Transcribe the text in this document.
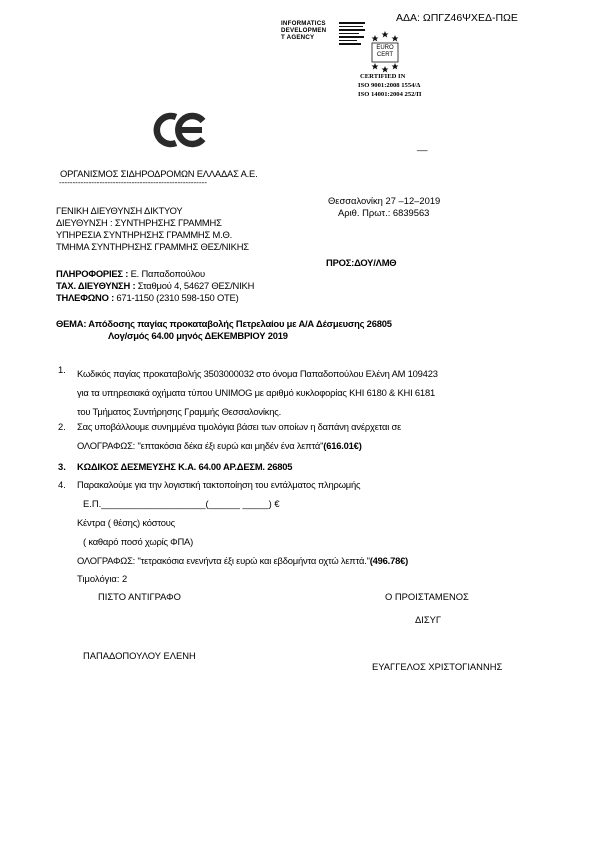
ΑΔΑ: ΩΠΓΖ46ΨΧΕΔ-ΠΩΕ
INFORMATICS
DEVELOPMEN
T AGENCY
EURO
CERT
CERTIFIED IN
ISO 9001:2008 1554/Δ
ISO 14001:2004 252/Π
__
ΟΡΓΑΝΙΣΜΟΣ ΣΙΔΗΡΟΔΡΟΜΩΝ ΕΛΛΑΔΑΣ Α.Ε.
-------------------------------------------------------
Θεσσαλονίκη 27 –12–2019
Αριθ. Πρωτ.: 6839563
ΓΕΝΙΚΗ ΔΙΕΥΘΥΝΣΗ ΔΙΚΤΥΟΥ
ΔΙΕΥΘΥΝΣΗ : ΣΥΝΤΗΡΗΣΗΣ ΓΡΑΜΜΗΣ
ΥΠΗΡΕΣΙΑ ΣΥΝΤΗΡΗΣΗΣ ΓΡΑΜΜΗΣ Μ.Θ.
ΤΜΗΜΑ ΣΥΝΤΗΡΗΣΗΣ ΓΡΑΜΜΗΣ ΘΕΣ/ΝΙΚΗΣ
ΠΡΟΣ:ΔΟΥ/ΛΜΘ
ΠΛΗΡΟΦΟΡΙΕΣ : Ε. Παπαδοπούλου
ΤΑΧ. ΔΙΕΥΘΥΝΣΗ : Σταθμού 4, 54627 ΘΕΣ/ΝΙΚΗ
ΤΗΛΕΦΩΝΟ : 671-1150 (2310 598-150 ΟΤΕ)
ΘΕΜΑ: Απόδοσης παγίας προκαταβολής Πετρελαίου με Α/Α Δέσμευσης 26805
Λογ/σμός 64.00 μηνός ΔΕΚΕΜΒΡΙΟΥ 2019
1. Κωδικός παγίας προκαταβολής 3503000032 στο όνομα Παπαδοπούλου Ελένη ΑΜ 109423
για τα υπηρεσιακά οχήματα τύπου UNIMOG με αριθμό κυκλοφορίας ΚΗΙ 6180 & ΚΗΙ 6181
του Τμήματος Συντήρησης Γραμμής Θεσσαλονίκης.
2. Σας υποβάλλουμε συνημμένα τιμολόγια βάσει των οποίων η δαπάνη ανέρχεται σε
ΟΛΟΓΡΑΦΩΣ: "επτακόσια δέκα έξι ευρώ και μηδέν ένα λεπτά"(616.01€)
3. ΚΩΔΙΚΟΣ ΔΕΣΜΕΥΣΗΣ Κ.Α. 64.00 ΑΡ.ΔΕΣΜ. 26805
4. Παρακαλούμε για την λογιστική τακτοποίηση του εντάλματος πληρωμής
Ε.Π.____________________(______ _____) €
Κέντρα ( θέσης) κόστους
( καθαρό ποσό χωρίς ΦΠΑ)
ΟΛΟΓΡΑΦΩΣ: "τετρακόσια ενενήντα έξι ευρώ και εβδομήντα οχτώ λεπτά."(496.78€)
Τιμολόγια: 2
ΠΙΣΤΟ ΑΝΤΙΓΡΑΦΟ	Ο ΠΡΟΙΣΤΑΜΕΝΟΣ
ΔΙΣΥΓ
ΠΑΠΑΔΟΠΟΥΛΟΥ ΕΛΕΝΗ
ΕΥΑΓΓΕΛΟΣ ΧΡΙΣΤΟΓΙΑΝΝΗΣ
